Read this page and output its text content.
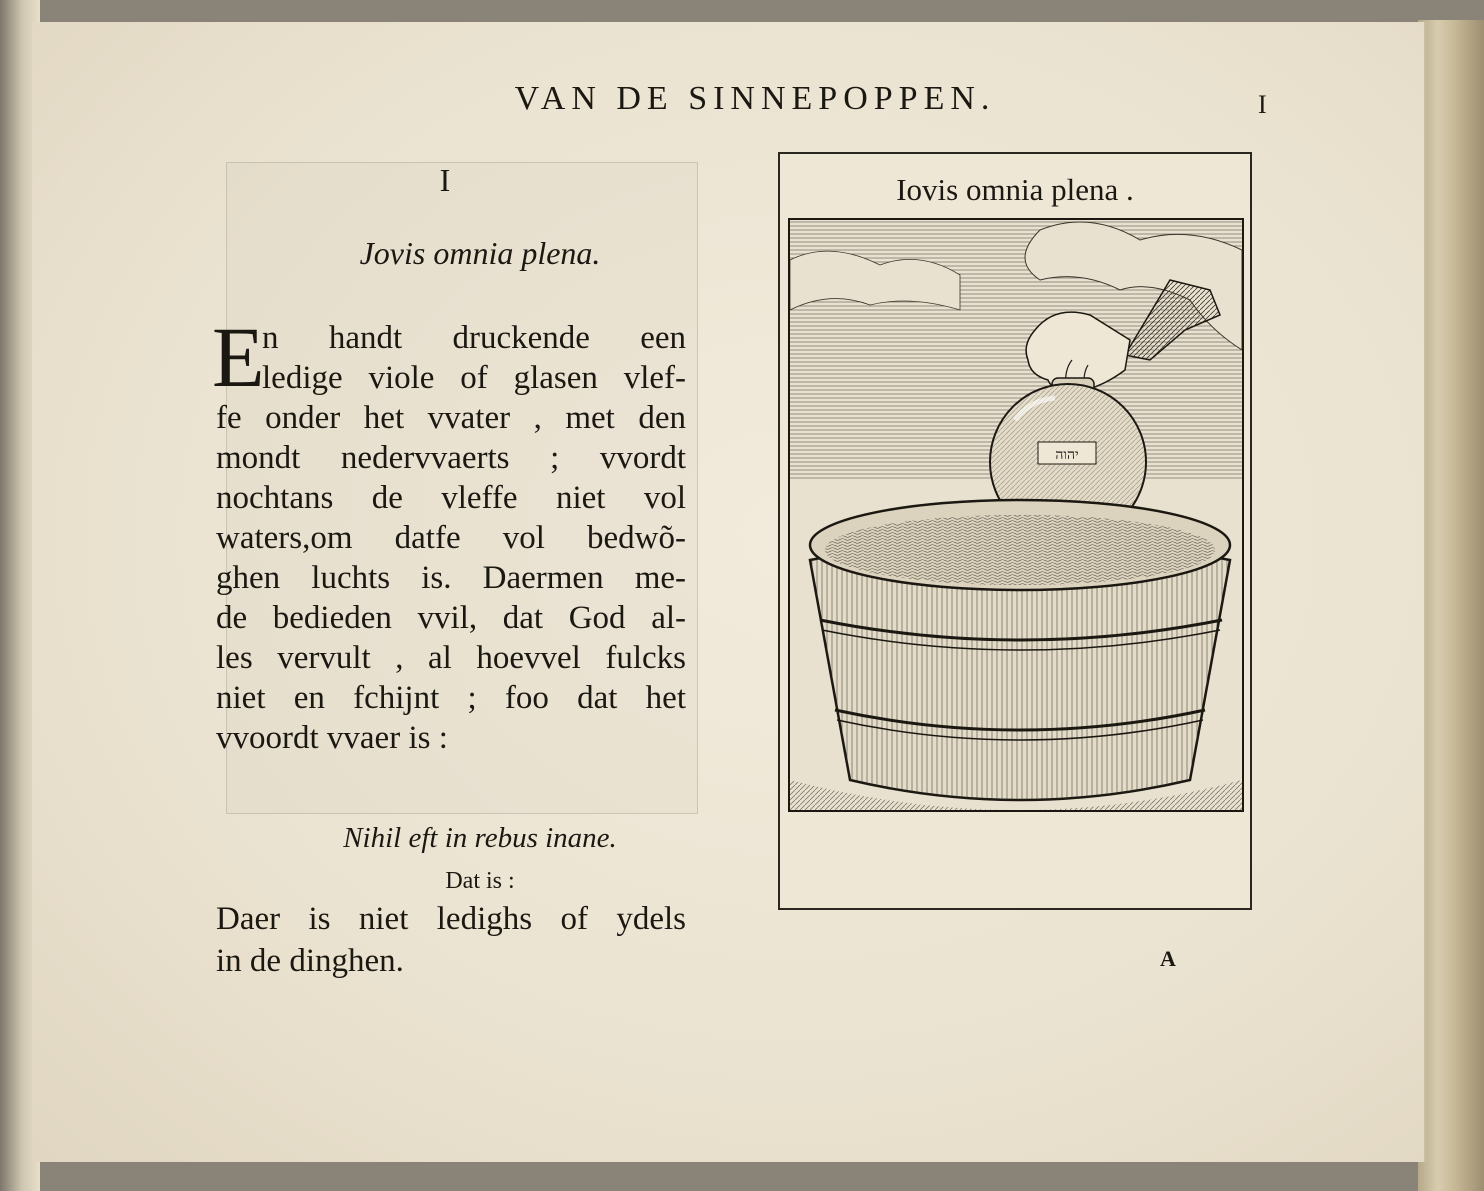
VAN DE SINNEPOPPEN.	I
I
Jovis omnia plena.
E
n handt druckende een
ledige viole of glasen vlef-
fe onder het vvater , met den
mondt nedervvaerts ; vvordt
nochtans de vleffe niet vol
waters,om datfe vol bedwõ-
ghen luchts is. Daermen me-
de bedieden vvil, dat God al-
les vervult , al hoevvel fulcks
niet en fchijnt ; foo dat het
vvoordt vvaer is :
Nihil eft in rebus inane.
Dat is :
Daer is niet ledighs of ydels
in de dinghen.
Iovis omnia plena .
יהוה
A
